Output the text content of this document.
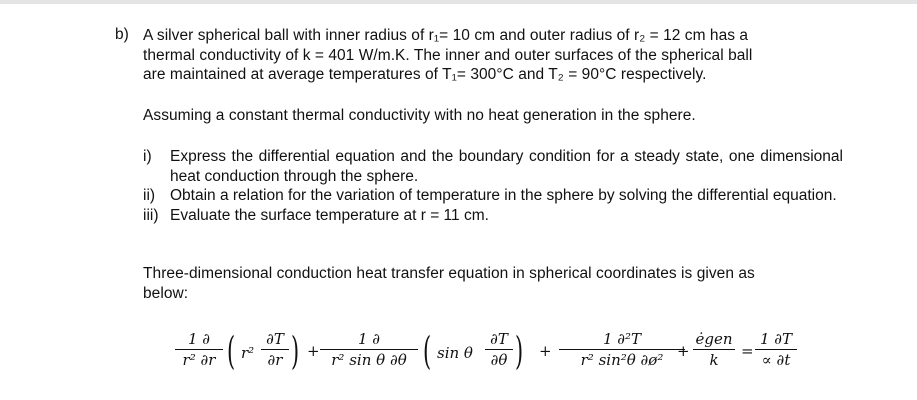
b) A silver spherical ball with inner radius of r₁= 10 cm and outer radius of r₂ = 12 cm has a
thermal conductivity of k = 401 W/m.K. The inner and outer surfaces of the spherical ball
are maintained at average temperatures of T₁= 300°C and T₂ = 90°C respectively.
Assuming a constant thermal conductivity with no heat generation in the sphere.
i)	Express the differential equation and the boundary condition for a steady state, one dimensional heat conduction through the sphere.
ii) Obtain a relation for the variation of temperature in the sphere by solving the differential equation.
iii) Evaluate the surface temperature at r = 11 cm.
Three-dimensional conduction heat transfer equation in spherical coordinates is given as
below:
1 ∂
r² ∂r ( r²
∂T
∂r ) +
1 ∂
r² sin θ ∂θ ( sin θ
∂T
∂θ ) +
1 ∂²T
r² sin²θ ∂ø²
+
ėgen
k
=
1 ∂T
∝ ∂t
